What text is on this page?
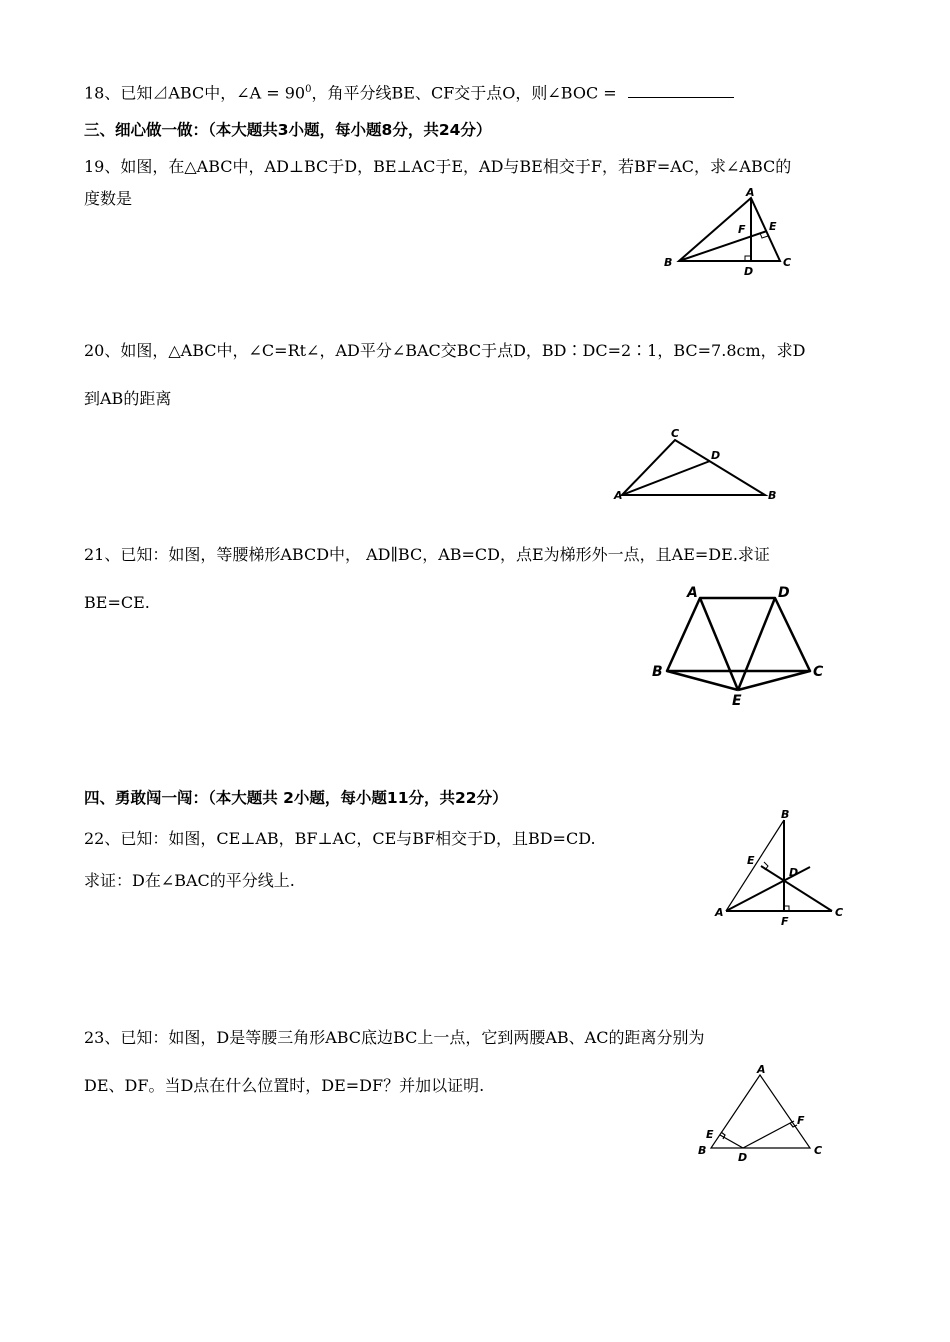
18、已知⊿ABC中，∠A = $90^0$，角平分线BE、CF交于点O，则∠BOC =
三、细心做一做：（本大题共3小题，每小题8分，共24分）
19、如图，在△ABC中，AD⊥BC于D，BE⊥AC于E，AD与BE相交于F，若BF=AC，求∠ABC的
度数是	A
B	C
D
E
F
20、如图，△ABC中，∠C=Rt∠，AD平分∠BAC交BC于点D，BD∶DC=2∶1，BC=7.8cm，求D
到AB的距离
A	B
C
D
21、已知：如图，等腰梯形ABCD中， AD∥BC，AB=CD，点E为梯形外一点，且AE=DE.求证
BE=CE.	A	D
B	C
E
四、勇敢闯一闯：（本大题共 2小题，每小题11分，共22分）
22、已知：如图，CE⊥AB，BF⊥AC，CE与BF相交于D，且BD=CD.
求证：D在∠BAC的平分线上.
B
E
D
A
F
C
23、已知：如图，D是等腰三角形ABC底边BC上一点，它到两腰AB、AC的距离分别为
DE、DF。当D点在什么位置时，DE=DF？并加以证明.
A
E
F
B
D
C
